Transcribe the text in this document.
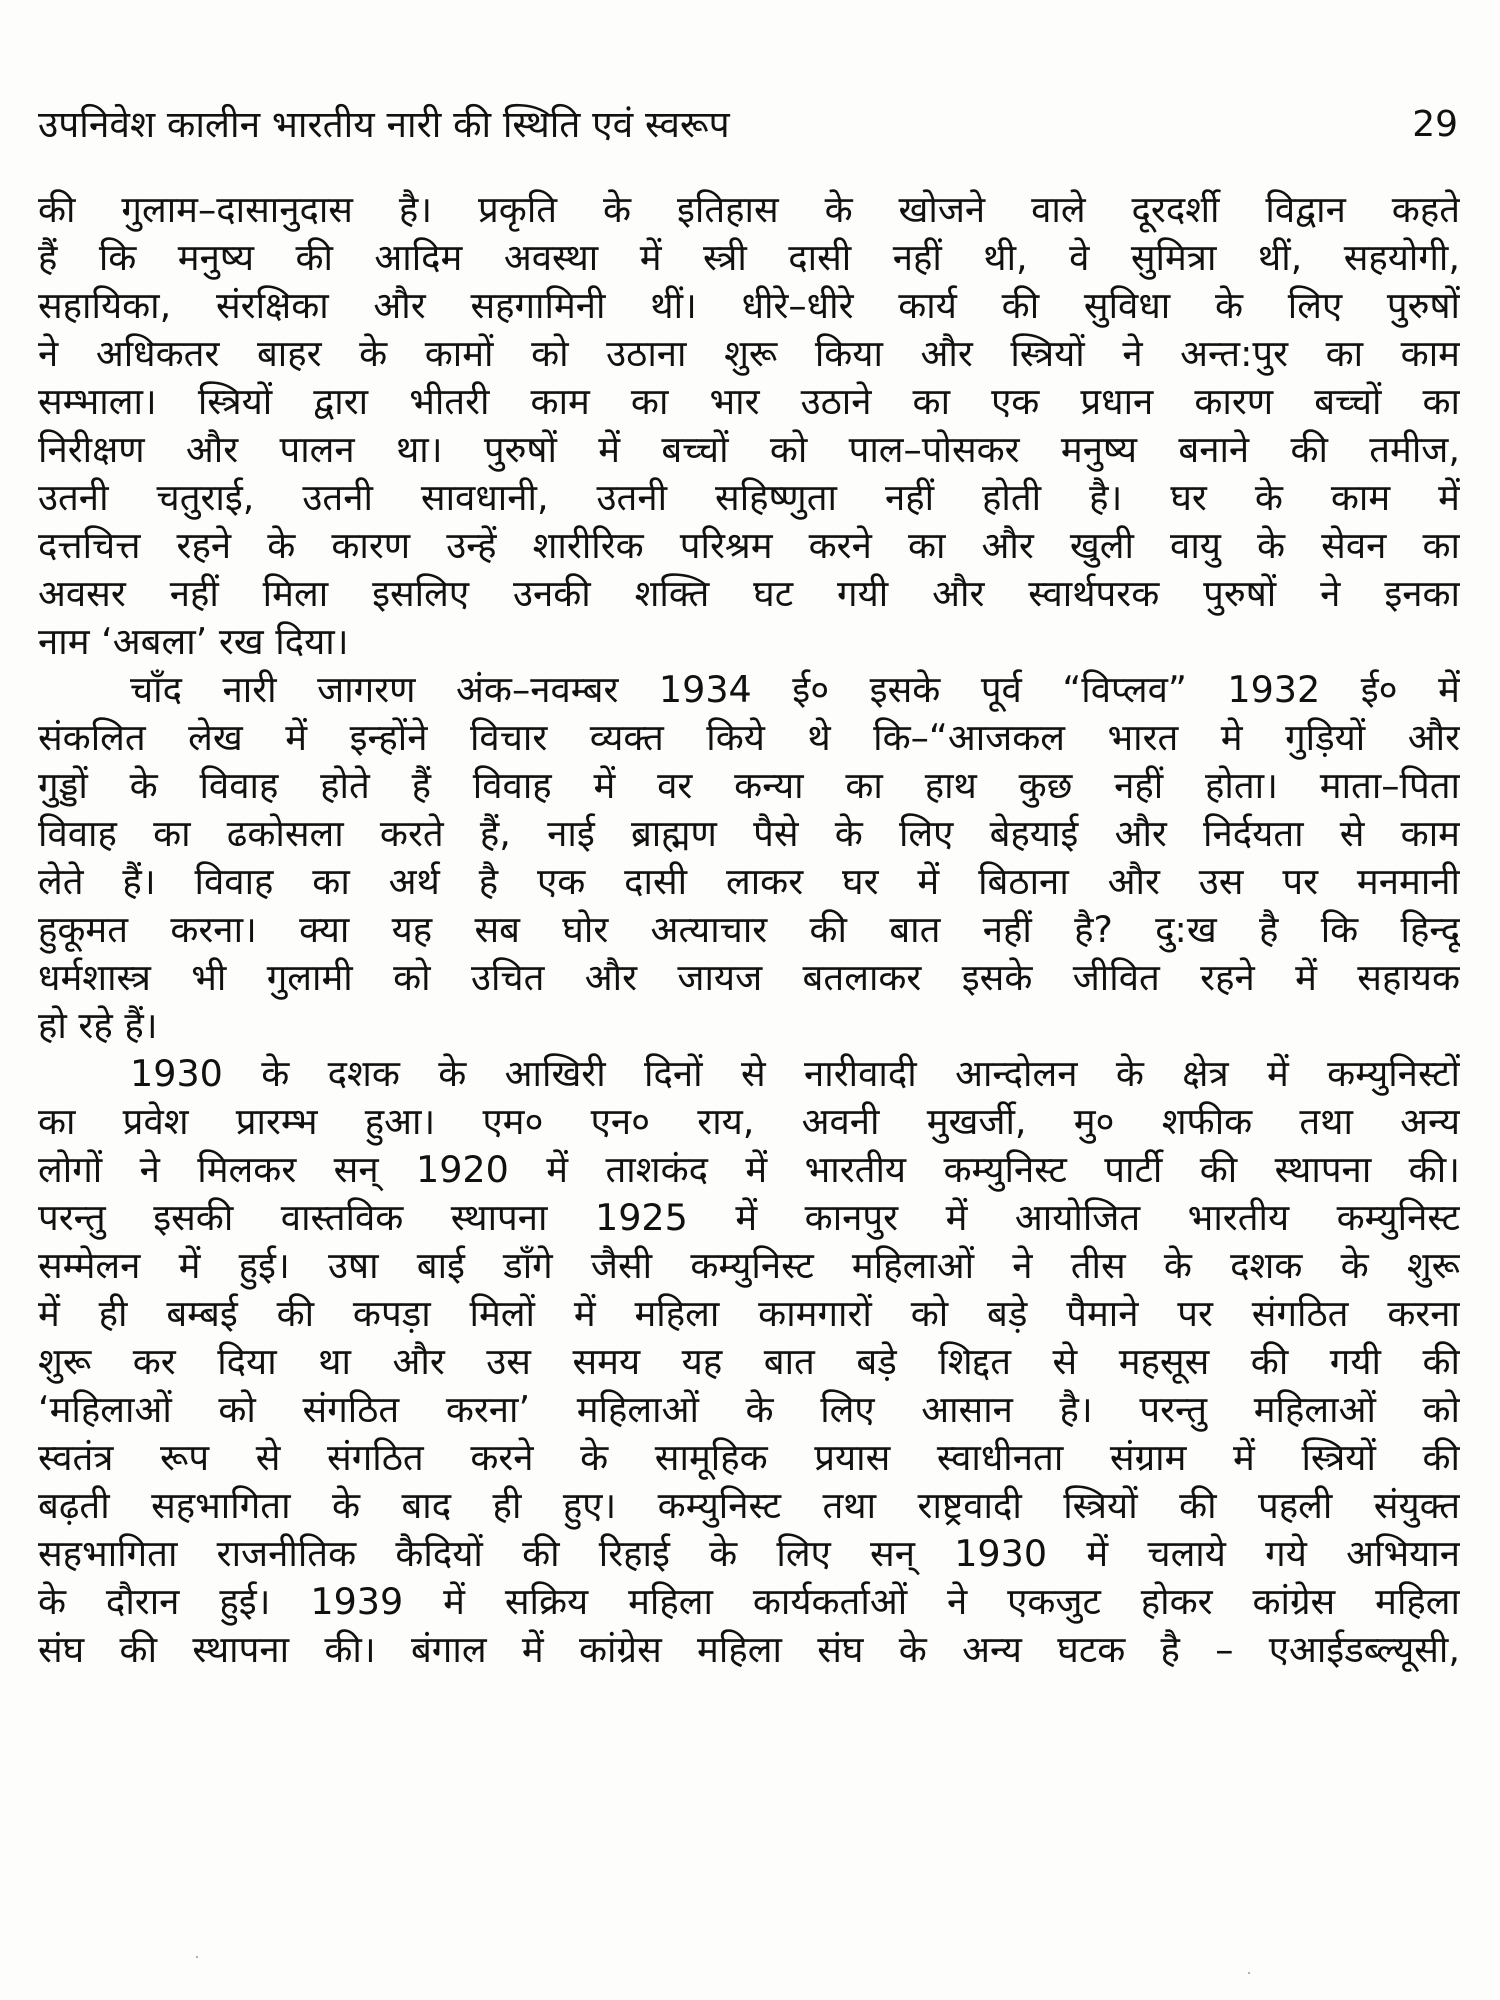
उपनिवेश कालीन भारतीय नारी की स्थिति एवं स्वरूप	29
की गुलाम–दासानुदास है। प्रकृति के इतिहास के खोजने वाले दूरदर्शी विद्वान कहते
हैं कि मनुष्य की आदिम अवस्था में स्त्री दासी नहीं थी, वे सुमित्रा थीं, सहयोगी,
सहायिका, संरक्षिका और सहगामिनी थीं। धीरे–धीरे कार्य की सुविधा के लिए पुरुषों
ने अधिकतर बाहर के कामों को उठाना शुरू किया और स्त्रियों ने अन्त:पुर का काम
सम्भाला। स्त्रियों द्वारा भीतरी काम का भार उठाने का एक प्रधान कारण बच्चों का
निरीक्षण और पालन था। पुरुषों में बच्चों को पाल–पोसकर मनुष्य बनाने की तमीज,
उतनी चतुराई, उतनी सावधानी, उतनी सहिष्णुता नहीं होती है। घर के काम में
दत्तचित्त रहने के कारण उन्हें शारीरिक परिश्रम करने का और खुली वायु के सेवन का
अवसर नहीं मिला इसलिए उनकी शक्ति घट गयी और स्वार्थपरक पुरुषों ने इनका
नाम ‘अबला’ रख दिया।
चाँद नारी जागरण अंक–नवम्बर 1934 ई० इसके पूर्व “विप्लव” 1932 ई० में
संकलित लेख में इन्होंने विचार व्यक्त किये थे कि–“आजकल भारत मे गुड़ियों और
गुड्डों के विवाह होते हैं विवाह में वर कन्या का हाथ कुछ नहीं होता। माता–पिता
विवाह का ढकोसला करते हैं, नाई ब्राह्मण पैसे के लिए बेहयाई और निर्दयता से काम
लेते हैं। विवाह का अर्थ है एक दासी लाकर घर में बिठाना और उस पर मनमानी
हुकूमत करना। क्या यह सब घोर अत्याचार की बात नहीं है? दु:ख है कि हिन्दू
धर्मशास्त्र भी गुलामी को उचित और जायज बतलाकर इसके जीवित रहने में सहायक
हो रहे हैं।
1930 के दशक के आखिरी दिनों से नारीवादी आन्दोलन के क्षेत्र में कम्युनिस्टों
का प्रवेश प्रारम्भ हुआ। एम० एन० राय, अवनी मुखर्जी, मु० शफीक तथा अन्य
लोगों ने मिलकर सन् 1920 में ताशकंद में भारतीय कम्युनिस्ट पार्टी की स्थापना की।
परन्तु इसकी वास्तविक स्थापना 1925 में कानपुर में आयोजित भारतीय कम्युनिस्ट
सम्मेलन में हुई। उषा बाई डाँगे जैसी कम्युनिस्ट महिलाओं ने तीस के दशक के शुरू
में ही बम्बई की कपड़ा मिलों में महिला कामगारों को बड़े पैमाने पर संगठित करना
शुरू कर दिया था और उस समय यह बात बड़े शिद्दत से महसूस की गयी की
‘महिलाओं को संगठित करना’ महिलाओं के लिए आसान है। परन्तु महिलाओं को
स्वतंत्र रूप से संगठित करने के सामूहिक प्रयास स्वाधीनता संग्राम में स्त्रियों की
बढ़ती सहभागिता के बाद ही हुए। कम्युनिस्ट तथा राष्ट्रवादी स्त्रियों की पहली संयुक्त
सहभागिता राजनीतिक कैदियों की रिहाई के लिए सन् 1930 में चलाये गये अभियान
के दौरान हुई। 1939 में सक्रिय महिला कार्यकर्ताओं ने एकजुट होकर कांग्रेस महिला
संघ की स्थापना की। बंगाल में कांग्रेस महिला संघ के अन्य घटक है – एआईडब्ल्यूसी,
